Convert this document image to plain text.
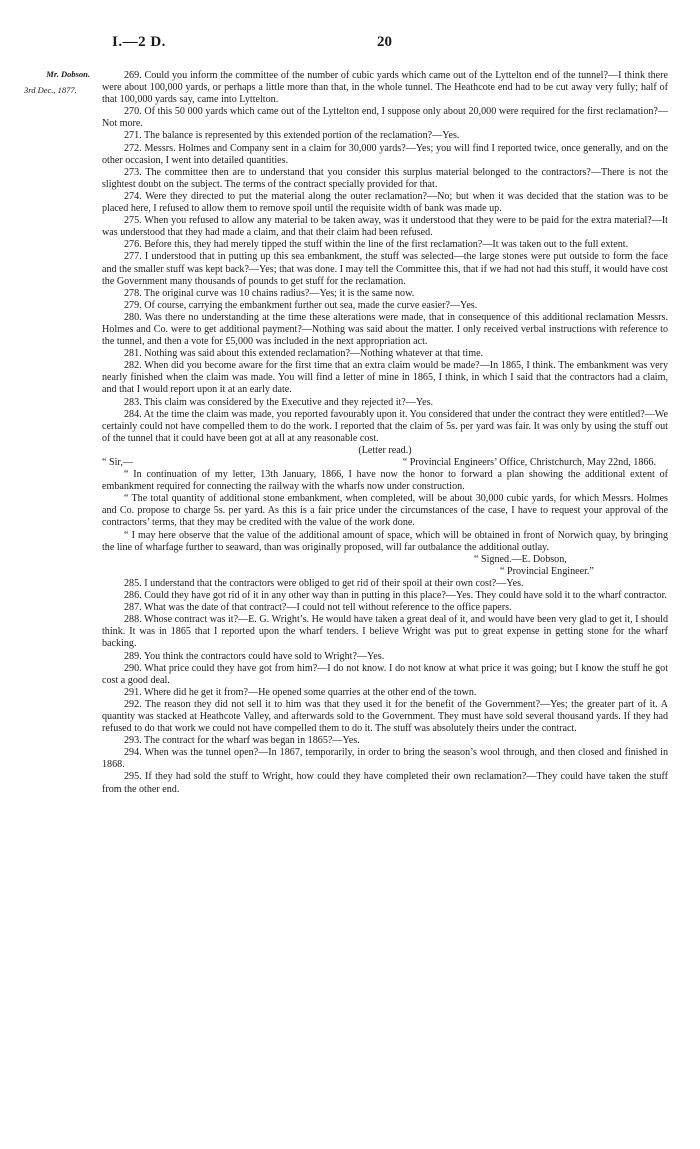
I.—2 D.	20
Mr. Dobson.
3rd Dec., 1877.

269. Could you inform the committee of the number of cubic yards which came out of the Lyttelton end of the tunnel?—I think there were about 100,000 yards, or perhaps a little more than that, in the whole tunnel. The Heathcote end had to be cut away very fully; half of that 100,000 yards say, came into Lyttelton.

270. Of this 50 000 yards which came out of the Lyttelton end, I suppose only about 20,000 were required for the first reclamation?—Not more.

271. The balance is represented by this extended portion of the reclamation?—Yes.

272. Messrs. Holmes and Company sent in a claim for 30,000 yards?—Yes; you will find I reported twice, once generally, and on the other occasion, I went into detailed quantities.

273. The committee then are to understand that you consider this surplus material belonged to the contractors?—There is not the slightest doubt on the subject. The terms of the contract specially provided for that.

274. Were they directed to put the material along the outer reclamation?—No; but when it was decided that the station was to be placed here, I refused to allow them to remove spoil until the requisite width of bank was made up.

275. When you refused to allow any material to be taken away, was it understood that they were to be paid for the extra material?—It was understood that they had made a claim, and that their claim had been refused.

276. Before this, they had merely tipped the stuff within the line of the first reclamation?—It was taken out to the full extent.

277. I understood that in putting up this sea embankment, the stuff was selected—the large stones were put outside to form the face and the smaller stuff was kept back?—Yes; that was done. I may tell the Committee this, that if we had not had this stuff, it would have cost the Government many thousands of pounds to get stuff for the reclamation.

278. The original curve was 10 chains radius?—Yes; it is the same now.

279. Of course, carrying the embankment further out sea, made the curve easier?—Yes.

280. Was there no understanding at the time these alterations were made, that in consequence of this additional reclamation Messrs. Holmes and Co. were to get additional payment?—Nothing was said about the matter. I only received verbal instructions with reference to the tunnel, and then a vote for £5,000 was included in the next appropriation act.

281. Nothing was said about this extended reclamation?—Nothing whatever at that time.

282. When did you become aware for the first time that an extra claim would be made?—In 1865, I think. The embankment was very nearly finished when the claim was made. You will find a letter of mine in 1865, I think, in which I said that the contractors had a claim, and that I would report upon it at an early date.

283. This claim was considered by the Executive and they rejected it?—Yes.

284. At the time the claim was made, you reported favourably upon it. You considered that under the contract they were entitled?—We certainly could not have compelled them to do the work. I reported that the claim of 5s. per yard was fair. It was only by using the stuff out of the tunnel that it could have been got at all at any reasonable cost.

(Letter read.)

“ Sir,—	“ Provincial Engineers’ Office, Christchurch, May 22nd, 1866.

“ In continuation of my letter, 13th January, 1866, I have now the honor to forward a plan showing the additional extent of embankment required for connecting the railway with the wharfs now under construction.

“ The total quantity of additional stone embankment, when completed, will be about 30,000 cubic yards, for which Messrs. Holmes and Co. propose to charge 5s. per yard. As this is a fair price under the circumstances of the case, I have to request your approval of the contractors’ terms, that they may be credited with the value of the work done.

“ I may here observe that the value of the additional amount of space, which will be obtained in front of Norwich quay, by bringing the line of wharfage further to seaward, than was originally proposed, will far outbalance the additional outlay.

“ Signed.—E. Dobson,

“ Provincial Engineer.”

285. I understand that the contractors were obliged to get rid of their spoil at their own cost?—Yes.

286. Could they have got rid of it in any other way than in putting in this place?—Yes. They could have sold it to the wharf contractor.

287. What was the date of that contract?—I could not tell without reference to the office papers.

288. Whose contract was it?—E. G. Wright’s. He would have taken a great deal of it, and would have been very glad to get it, I should think. It was in 1865 that I reported upon the wharf tenders. I believe Wright was put to great expense in getting stone for the wharf backing.

289. You think the contractors could have sold to Wright?—Yes.

290. What price could they have got from him?—I do not know. I do not know at what price it was going; but I know the stuff he got cost a good deal.

291. Where did he get it from?—He opened some quarries at the other end of the town.

292. The reason they did not sell it to him was that they used it for the benefit of the Government?—Yes; the greater part of it. A quantity was stacked at Heathcote Valley, and afterwards sold to the Government. They must have sold several thousand yards. If they had refused to do that work we could not have compelled them to do it. The stuff was absolutely theirs under the contract.

293. The contract for the wharf was began in 1865?—Yes.

294. When was the tunnel open?—In 1867, temporarily, in order to bring the season’s wool through, and then closed and finished in 1868.

295. If they had sold the stuff to Wright, how could they have completed their own reclamation?—They could have taken the stuff from the other end.
